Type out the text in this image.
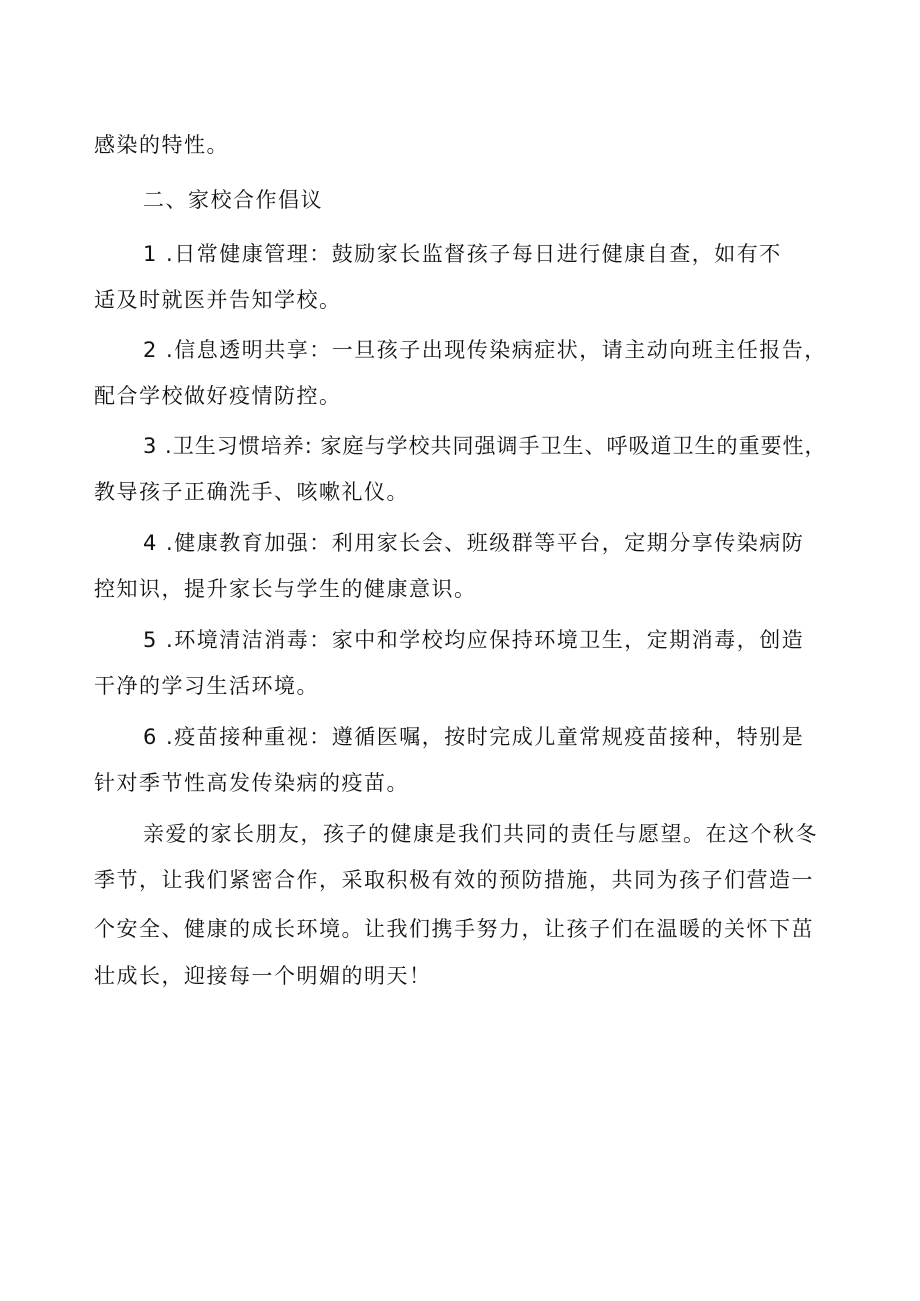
感染的特性。
二、家校合作倡议
1 .日常健康管理：鼓励家长监督孩子每日进行健康自查，如有不
适及时就医并告知学校。
2 .信息透明共享：一旦孩子出现传染病症状，请主动向班主任报告，
配合学校做好疫情防控。
3 .卫生习惯培养: 家庭与学校共同强调手卫生、呼吸道卫生的重要性，
教导孩子正确洗手、咳嗽礼仪。
4 .健康教育加强：利用家长会、班级群等平台，定期分享传染病防
控知识，提升家长与学生的健康意识。
5 .环境清洁消毒：家中和学校均应保持环境卫生，定期消毒，创造
干净的学习生活环境。
6 .疫苗接种重视：遵循医嘱，按时完成儿童常规疫苗接种，特别是
针对季节性高发传染病的疫苗。
亲爱的家长朋友，孩子的健康是我们共同的责任与愿望。在这个秋冬
季节，让我们紧密合作，采取积极有效的预防措施，共同为孩子们营造一
个安全、健康的成长环境。让我们携手努力，让孩子们在温暖的关怀下茁
壮成长，迎接每一个明媚的明天！
